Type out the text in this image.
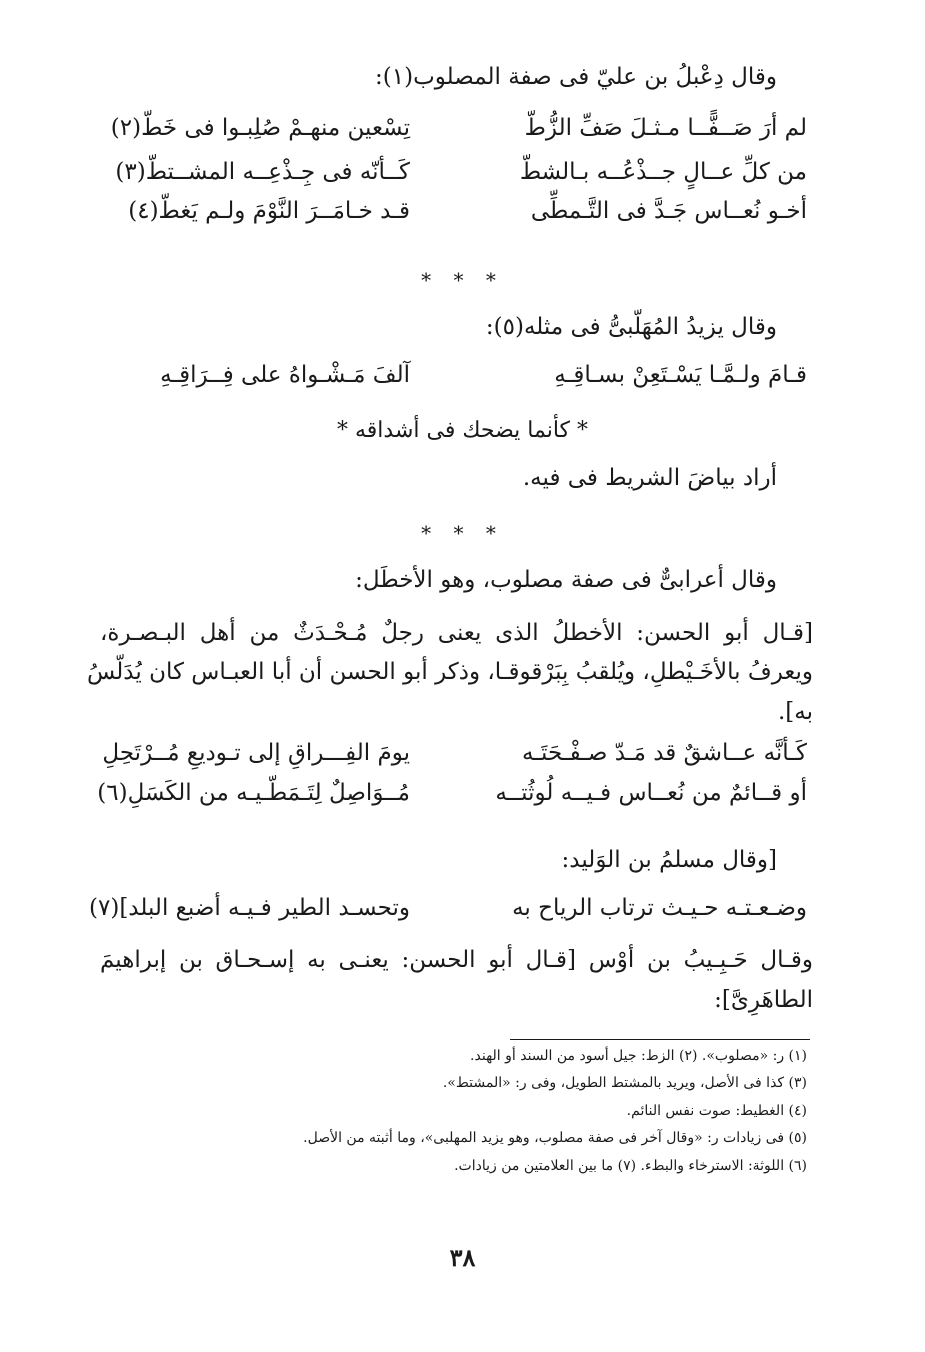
وقال دِعْبلُ بن عليّ فى صفة المصلوب(١):
لم أرَ صَــفًّــا مـثـلَ صَفِّ الزُّطّ
تِسْعين منهـمْ صُلِبـوا فى خَطّ(٢)
من كلِّ عــالٍ جــذْعُــه بـالشطّ
كَــأنّه فى جِـذْعِــه المشــتطّ(٣)
أخـو نُعــاس جَـدَّ فى التَّـمطِّى
قـد خـامَــرَ النَّوْمَ ولـم يَغطّ(٤)
* * *
وقال يزيدُ المُهَلّبىُّ فى مثله(٥):
قـامَ ولـمَّـا يَسْـتَعِنْ بسـاقِـهِ
آلفَ مَـشْـواهُ على فِــرَاقِـهِ
* كأنما يضحك فى أشداقه *
أراد بياضَ الشريط فى فيه.
* * *
وقال أعرابىٌّ فى صفة مصلوب، وهو الأخطَل:
[قـال أبو الحسن: الأخطلُ الذى يعنى رجلٌ مُـحْـدَثٌ من أهل البـصـرة،
ويعرفُ بالأخَـيْطلِ، ويُلقبُ بِبَرْقوقـا، وذكر أبو الحسن أن أبا العبـاس كان يُدَلّسُ
به].
كَـأنَّه عــاشقٌ قد مَـدّ صـفْـحَتَـه
يومَ الفِـــراقِ إلى تـوديعِ مُــرْتَحِلِ
أو قــائمٌ من نُعــاس فـيــه لُوثُتــه
مُــوَاصِلٌ لِتَـمَطّـيـه من الكَسَلِ(٦)
[وقال مسلمُ بن الوَليد:
وضـعـتـه حـيـث ترتاب الرياح به
وتحسـد الطير فـيـه أضبع البلد](٧)
وقـال حَـبِـيبُ بن أوْس [قـال أبو الحسن: يعنـى به إسـحـاق بن إبراهيمَ
الطاهَرِىَّ]:
(١) ر: «مصلوب». (٢) الزط: جيل أسود من السند أو الهند.
(٣) كذا فى الأصل، ويريد بالمشتط الطويل، وفى ر: «المشتط».
(٤) الغطيط: صوت نفس النائم.
(٥) فى زيادات ر: «وقال آخر فى صفة مصلوب، وهو يزيد المهلبى»، وما أثبته من الأصل.
(٦) اللوثة: الاسترخاء والبطء. (٧) ما بين العلامتين من زيادات.
٣٨
